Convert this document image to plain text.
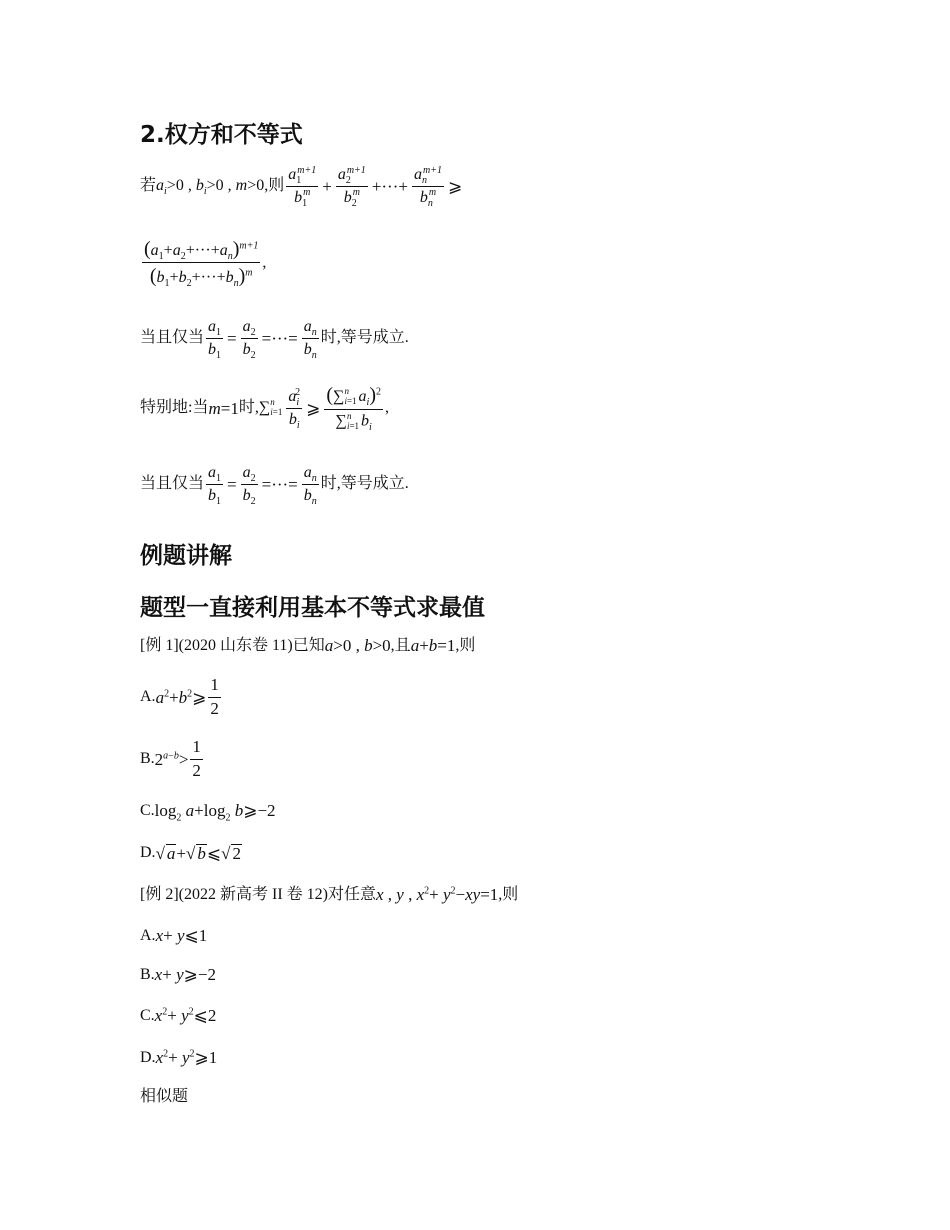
2.权方和不等式
若 $a_i>0$ , $b_i>0$ , m>0 ,则 $\frac{a_1^{m+1}}{b_1^m} + \frac{a_2^{m+1}}{b_2^m}$ +···+ $\frac{a_n^{m+1}}{b_n^m}$ ⩾
$\frac{(a_1+a_2+\cdot\cdot\cdot+a_n)^{m+1}}{(b_1+b_2+\cdot\cdot\cdot+b_n)^m}$ ,
当且仅当 $\frac{a_1}{b_1} = \frac{a_2}{b_2}$ =···= $\frac{a_n}{b_n}$ 时,等号成立.
特别地:当 m=1 时, ∑ n
$i=1 \frac{a_i^2}{b_i}$ ⩾ (∑ n
i=1 $a_i)^2$
∑ n
i=1 $b_i$ ,
当且仅当 $\frac{a_1}{b_1} = \frac{a_2}{b_2}$ =···= $\frac{a_n}{b_n}$ 时,等号成立.
例题讲解
题型一直接利用基本不等式求最值
[例 1](2020 山东卷 11)已知 a>0 , b>0 ,且 a+b=1 ,则
A. $a^2+b^2⩾ \frac{1}{2}$
B. $2^{a-b}> \frac{1}{2}$
C. $\log_2 a+\log_2$ b⩾−2
D. √ a+√ b⩽√ 2
[例 2](2022 新高考 II 卷 12)对任意 x , y , $x^2+ y^2-xy=1$ ,则
A. x+ y⩽1
B. x+ y⩾−2
C. $x^2+$ $y^2⩽2$
D. $x^2+$ $y^2⩾1$
相似题
